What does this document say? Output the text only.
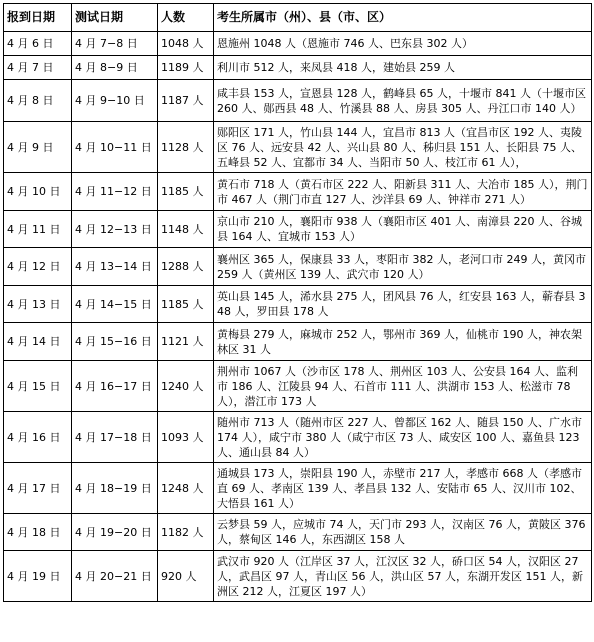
报到日期	测试日期	人数	考生所属市（州）、县（市、区）
4 月 6 日	4 月 7−8 日	1048 人	恩施州 1048 人（恩施市 746 人、巴东县 302 人）
4 月 7 日	4 月 8−9 日	1189 人	利川市 512 人，来凤县 418 人，建始县 259 人
4 月 8 日	4 月 9−10 日	1187 人	咸丰县 153 人，宣恩县 128 人，鹤峰县 65 人，十堰市 841 人（十堰市区 260 人、郧西县 48 人、竹溪县 88 人、房县 305 人、丹江口市 140 人）
4 月 9 日	4 月 10−11 日	1128 人	郧阳区 171 人，竹山县 144 人，宜昌市 813 人（宜昌市区 192 人、夷陵区 76 人、远安县 42 人、兴山县 80 人、秭归县 151 人、长阳县 75 人、五峰县 52 人、宜都市 34 人、当阳市 50 人、枝江市 61 人），
4 月 10 日	4 月 11−12 日	1185 人	黄石市 718 人（黄石市区 222 人、阳新县 311 人、大冶市 185 人），荆门市 467 人（荆门市直 127 人、沙洋县 69 人、钟祥市 271 人）
4 月 11 日	4 月 12−13 日	1148 人	京山市 210 人，襄阳市 938 人（襄阳市区 401 人、南漳县 220 人、谷城县 164 人、宜城市 153 人）
4 月 12 日	4 月 13−14 日	1288 人	襄州区 365 人，保康县 33 人，枣阳市 382 人，老河口市 249 人，黄冈市 259 人（黄州区 139 人、武穴市 120 人）
4 月 13 日	4 月 14−15 日	1185 人	英山县 145 人，浠水县 275 人，团风县 76 人，红安县 163 人，蕲春县 348 人，罗田县 178 人
4 月 14 日	4 月 15−16 日	1121 人	黄梅县 279 人，麻城市 252 人，鄂州市 369 人，仙桃市 190 人，神农架林区 31 人
4 月 15 日	4 月 16−17 日	1240 人	荆州市 1067 人（沙市区 178 人、荆州区 103 人、公安县 164 人、监利市 186 人、江陵县 94 人、石首市 111 人、洪湖市 153 人、松滋市 78 人），潜江市 173 人
4 月 16 日	4 月 17−18 日	1093 人	随州市 713 人（随州市区 227 人、曾都区 162 人、随县 150 人、广水市 174 人），咸宁市 380 人（咸宁市区 73 人、咸安区 100 人、嘉鱼县 123 人、通山县 84 人）
4 月 17 日	4 月 18−19 日	1248 人	通城县 173 人，崇阳县 190 人，赤壁市 217 人，孝感市 668 人（孝感市直 69 人、孝南区 139 人、孝昌县 132 人、安陆市 65 人、汉川市 102、大悟县 161 人）
4 月 18 日	4 月 19−20 日	1182 人	云梦县 59 人，应城市 74 人，天门市 293 人，汉南区 76 人，黄陂区 376 人，蔡甸区 146 人，东西湖区 158 人
4 月 19 日	4 月 20−21 日	920 人	武汉市 920 人（江岸区 37 人，江汉区 32 人，硚口区 54 人，汉阳区 27 人，武昌区 97 人，青山区 56 人，洪山区 57 人，东湖开发区 151 人，新洲区 212 人，江夏区 197 人）
